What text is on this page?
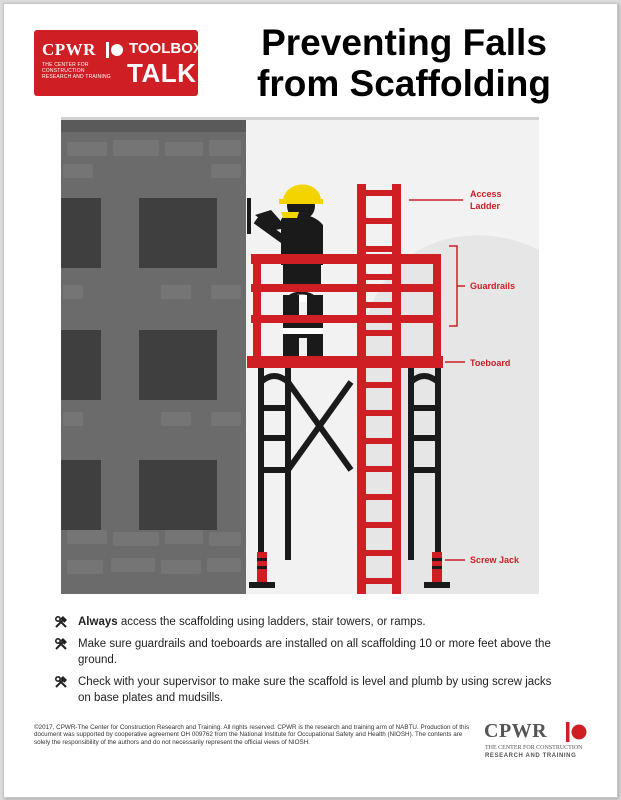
CPWR
THE CENTER FOR CONSTRUCTION RESEARCH AND TRAINING
TOOLBOX
TALK
Preventing Falls
from Scaffolding
Access
Ladder
Guardrails
Toeboard
Screw Jack
Always access the scaffolding using ladders, stair towers, or ramps.
Make sure guardrails and toeboards are installed on all scaffolding 10 or more feet above the ground.
Check with your supervisor to make sure the scaffold is level and plumb by using screw jacks on base plates and mudsills.
©2017, CPWR-The Center for Construction Research and Training. All rights reserved. CPWR is the research and training arm of NABTU. Production of this document was supported by cooperative agreement OH 009762 from the National Institute for Occupational Safety and Health (NIOSH). The contents are solely the responsibility of the authors and do not necessarily represent the official views of NIOSH.
CPWR
THE CENTER FOR CONSTRUCTION
RESEARCH AND TRAINING
